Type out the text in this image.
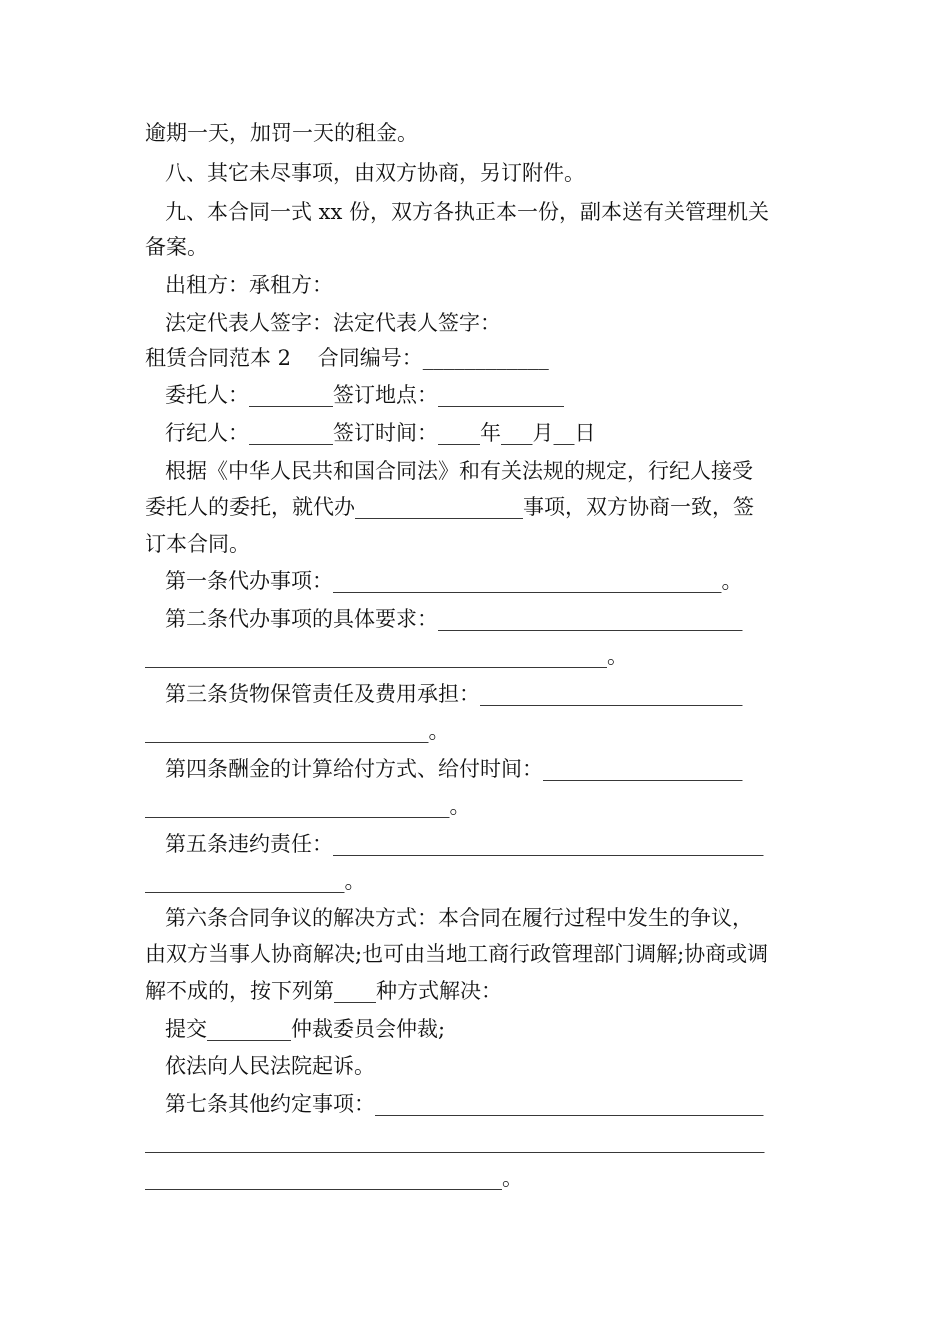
逾期一天，加罚一天的租金。
八、其它未尽事项，由双方协商，另订附件。
九、本合同一式 xx 份，双方各执正本一份，副本送有关管理机关
备案。
出租方：承租方：
法定代表人签字：法定代表人签字：
租赁合同范本 2    合同编号：____________
委托人：________签订地点：____________
行纪人：________签订时间：____年___月__日
根据《中华人民共和国合同法》和有关法规的规定，行纪人接受
委托人的委托，就代办________________事项，双方协商一致，签
订本合同。
第一条代办事项：_____________________________________。
第二条代办事项的具体要求：_____________________________
____________________________________________。
第三条货物保管责任及费用承担：_________________________
___________________________。
第四条酬金的计算给付方式、给付时间：___________________
_____________________________。
第五条违约责任：_________________________________________
___________________。
第六条合同争议的解决方式：本合同在履行过程中发生的争议，
由双方当事人协商解决;也可由当地工商行政管理部门调解;协商或调
解不成的，按下列第____种方式解决：
提交________仲裁委员会仲裁;
依法向人民法院起诉。
第七条其他约定事项：_____________________________________
___________________________________________________________
__________________________________。
